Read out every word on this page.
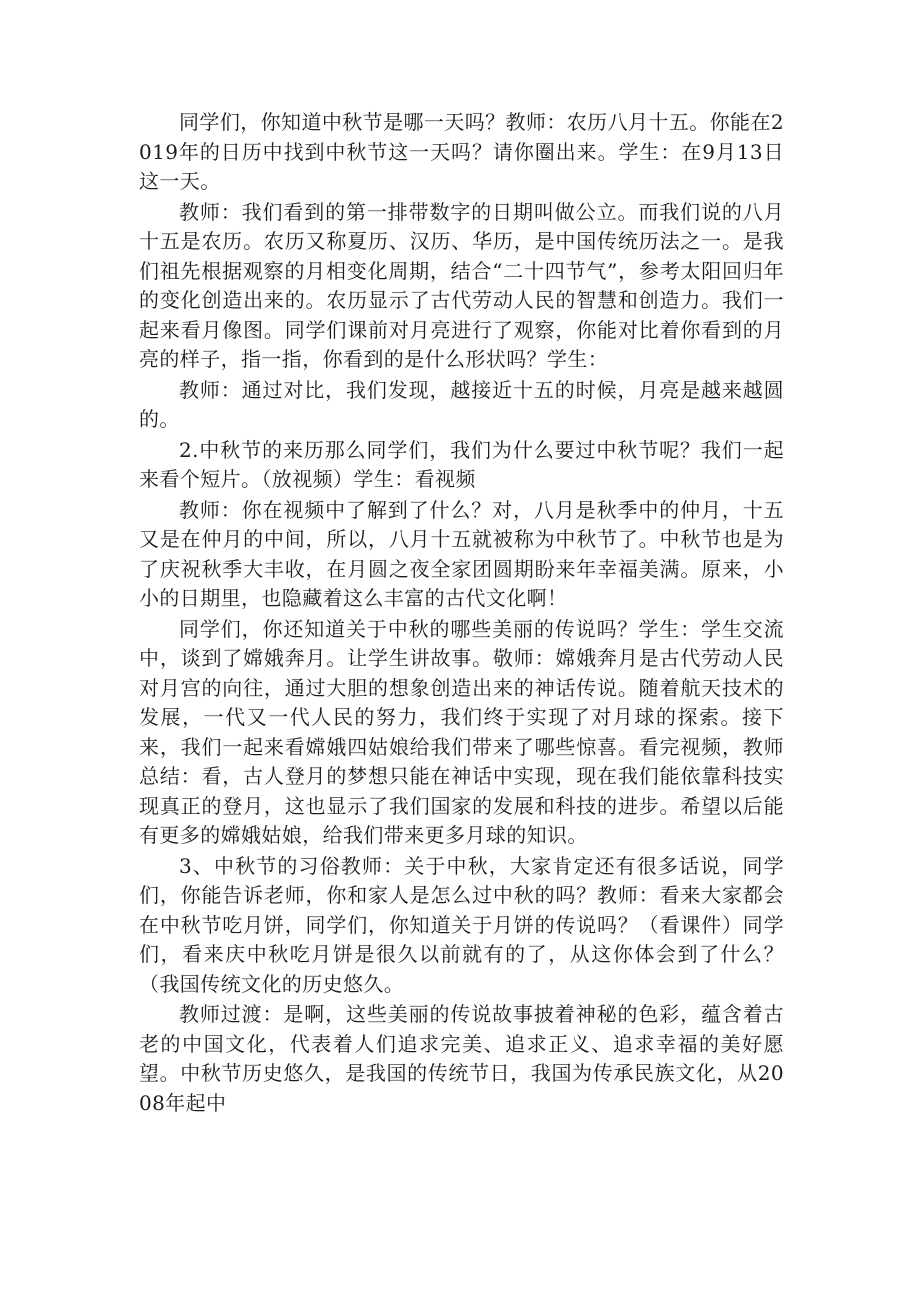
同学们，你知道中秋节是哪一天吗？教师：农历八月十五。你能在2019年的日历中找到中秋节这一天吗？请你圈出来。学生：在9月13日这一天。

教师：我们看到的第一排带数字的日期叫做公立。而我们说的八月十五是农历。农历又称夏历、汉历、华历，是中国传统历法之一。是我们祖先根据观察的月相变化周期，结合“二十四节气”，参考太阳回归年的变化创造出来的。农历显示了古代劳动人民的智慧和创造力。我们一起来看月像图。同学们课前对月亮进行了观察，你能对比着你看到的月亮的样子，指一指，你看到的是什么形状吗？学生：

教师：通过对比，我们发现，越接近十五的时候，月亮是越来越圆的。

2.中秋节的来历那么同学们，我们为什么要过中秋节呢？我们一起来看个短片。（放视频）学生：看视频

教师：你在视频中了解到了什么？对，八月是秋季中的仲月，十五又是在仲月的中间，所以，八月十五就被称为中秋节了。中秋节也是为了庆祝秋季大丰收，在月圆之夜全家团圆期盼来年幸福美满。原来，小小的日期里，也隐藏着这么丰富的古代文化啊！

同学们，你还知道关于中秋的哪些美丽的传说吗？学生：学生交流中，谈到了嫦娥奔月。让学生讲故事。敬师：嫦娥奔月是古代劳动人民对月宫的向往，通过大胆的想象创造出来的神话传说。随着航天技术的发展，一代又一代人民的努力，我们终于实现了对月球的探索。接下来，我们一起来看嫦娥四姑娘给我们带来了哪些惊喜。看完视频，教师总结：看，古人登月的梦想只能在神话中实现，现在我们能依靠科技实现真正的登月，这也显示了我们国家的发展和科技的进步。希望以后能有更多的嫦娥姑娘，给我们带来更多月球的知识。

3、中秋节的习俗教师：关于中秋，大家肯定还有很多话说，同学们，你能告诉老师，你和家人是怎么过中秋的吗？教师：看来大家都会在中秋节吃月饼，同学们，你知道关于月饼的传说吗？（看课件）同学们，看来庆中秋吃月饼是很久以前就有的了，从这你体会到了什么？（我国传统文化的历史悠久。

教师过渡：是啊，这些美丽的传说故事披着神秘的色彩，蕴含着古老的中国文化，代表着人们追求完美、追求正义、追求幸福的美好愿望。中秋节历史悠久，是我国的传统节日，我国为传承民族文化，从2008年起中
